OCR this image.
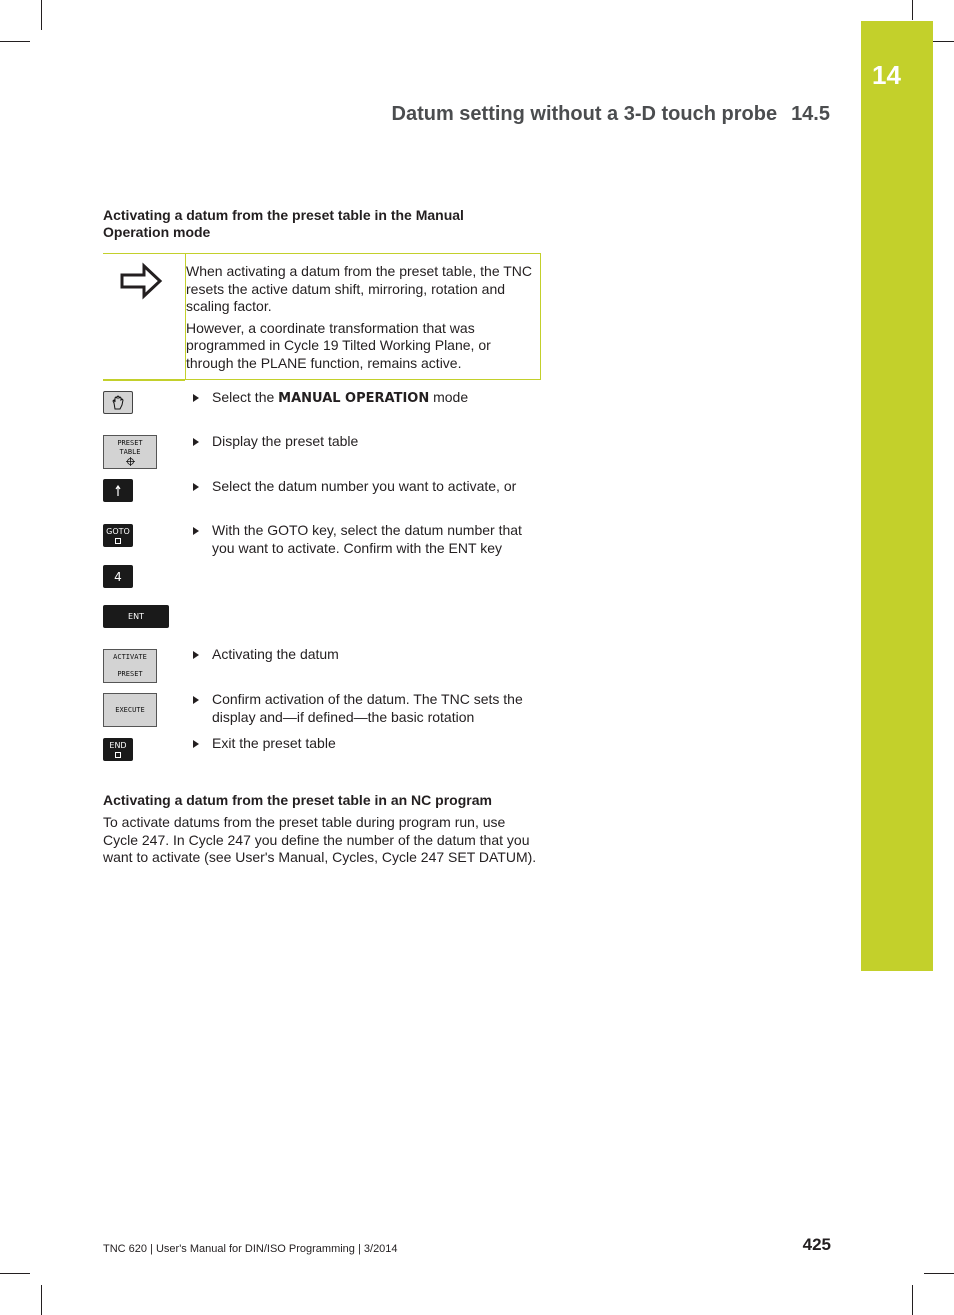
14
Datum setting without a 3-D touch probe 14.5
Activating a datum from the preset table in the Manual Operation mode

When activating a datum from the preset table, the TNC resets the active datum shift, mirroring, rotation and scaling factor.

However, a coordinate transformation that was programmed in Cycle 19 Tilted Working Plane, or through the PLANE function, remains active.

PRESET
TABLE
GOTO
4
ENT
ACTIVATE
PRESET
EXECUTE
END
Select the MANUAL OPERATION mode
Display the preset table
Select the datum number you want to activate, or
With the GOTO key, select the datum number that you want to activate. Confirm with the ENT key
Activating the datum
Confirm activation of the datum. The TNC sets the display and—if defined—the basic rotation
Exit the preset table
Activating a datum from the preset table in an NC program
To activate datums from the preset table during program run, use Cycle 247. In Cycle 247 you define the number of the datum that you want to activate (see User's Manual, Cycles, Cycle 247 SET DATUM).
TNC 620 | User's Manual for DIN/ISO Programming | 3/2014	425
